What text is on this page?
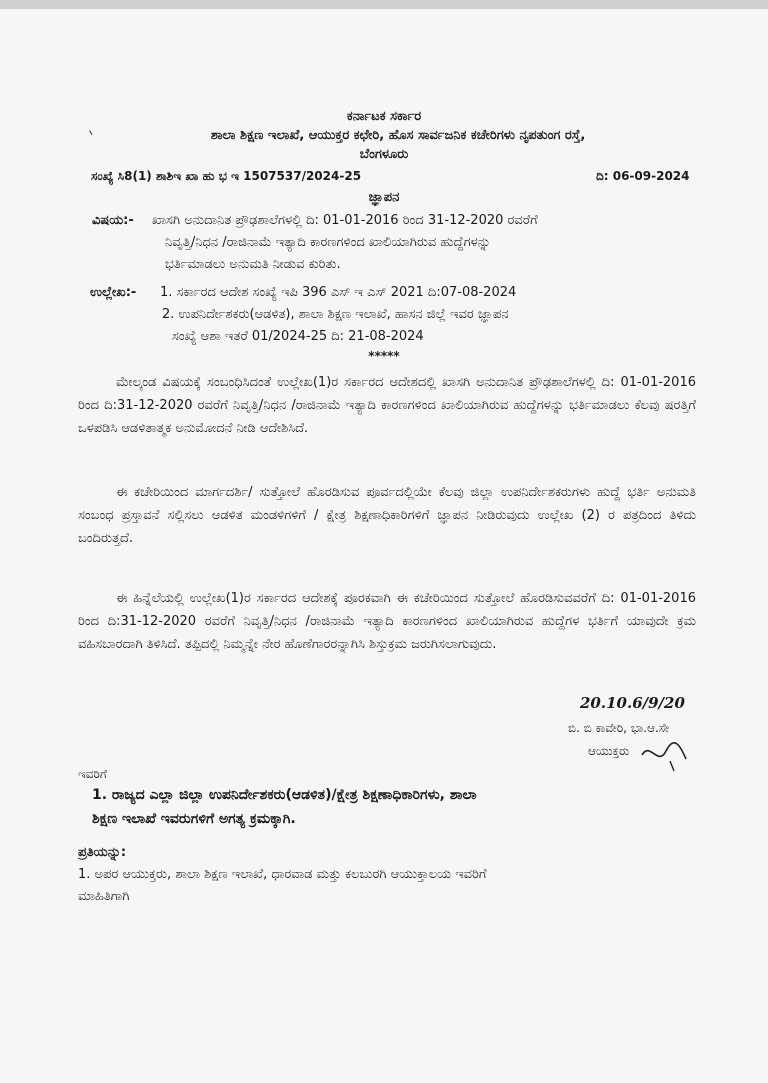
ಕರ್ನಾಟಕ ಸರ್ಕಾರ
ಶಾಲಾ ಶಿಕ್ಷಣ ಇಲಾಖೆ, ಆಯುಕ್ತರ ಕಛೇರಿ, ಹೊಸ ಸಾರ್ವಜನಿಕ ಕಚೇರಿಗಳು ನೃಪತುಂಗ ರಸ್ತೆ,
ಬೆಂಗಳೂರು
ಸಂಖ್ಯೆ ಸಿ8(1) ಶಾಶಿಇ ಖಾ ಹು ಭ ಇ 1507537/2024-25	ದಿ: 06-09-2024
ಜ್ಞಾಪನ
ವಿಷಯ:- ಖಾಸಗಿ ಅನುದಾನಿತ ಪ್ರೌಢಶಾಲೆಗಳಲ್ಲಿ ದಿ: 01-01-2016 ರಿಂದ 31-12-2020 ರವರೆಗೆ
ನಿವೃತ್ತಿ/ನಿಧನ /ರಾಜಿನಾಮೆ ಇತ್ಯಾದಿ ಕಾರಣಗಳಿಂದ ಖಾಲಿಯಾಗಿರುವ ಹುದ್ದೆಗಳನ್ನು
ಭರ್ತಿಮಾಡಲು ಅನುಮತಿ ನೀಡುವ ಕುರಿತು.
ಉಲ್ಲೇಖ:- 1. ಸರ್ಕಾರದ ಆದೇಶ ಸಂಖ್ಯೆ ಇಪಿ 396 ಎಸ್ ಇ ಎಸ್ 2021 ದಿ:07-08-2024
2. ಉಪನಿರ್ದೇಶಕರು(ಆಡಳಿತ), ಶಾಲಾ ಶಿಕ್ಷಣ ಇಲಾಖೆ, ಹಾಸನ ಜಿಲ್ಲೆ ಇವರ ಜ್ಞಾಪನ
ಸಂಖ್ಯೆ ಆಶಾ ಇತರೆ 01/2024-25 ದಿ: 21-08-2024
*****
ಮೇಲ್ಕಂಡ ವಿಷಯಕ್ಕೆ ಸಂಬಂಧಿಸಿದಂತೆ ಉಲ್ಲೇಖ(1)ರ ಸರ್ಕಾರದ ಆದೇಶದಲ್ಲಿ ಖಾಸಗಿ ಅನುದಾನಿತ ಪ್ರೌಢಶಾಲೆಗಳಲ್ಲಿ ದಿ: 01-01-2016 ರಿಂದ ದಿ:31-12-2020 ರವರೆಗೆ ನಿವೃತ್ತಿ/ನಿಧನ /ರಾಜಿನಾಮೆ ಇತ್ಯಾದಿ ಕಾರಣಗಳಿಂದ ಖಾಲಿಯಾಗಿರುವ ಹುದ್ದೆಗಳನ್ನು ಭರ್ತಿಮಾಡಲು ಕೆಲವು ಷರತ್ತಿಗೆ ಒಳಪಡಿಸಿ ಆಡಳಿತಾತ್ಮಕ ಅನುಮೋದನೆ ನೀಡಿ ಆದೇಶಿಸಿದೆ.
ಈ ಕಚೇರಿಯಿಂದ ಮಾರ್ಗದರ್ಶಿ/ ಸುತ್ತೋಲೆ ಹೊರಡಿಸುವ ಪೂರ್ವದಲ್ಲಿಯೇ ಕೆಲವು ಜಿಲ್ಲಾ ಉಪನಿರ್ದೇಶಕರುಗಳು ಹುದ್ದೆ ಭರ್ತಿ ಅನುಮತಿ ಸಂಬಂಧ ಪ್ರಸ್ತಾವನೆ ಸಲ್ಲಿಸಲು ಆಡಳಿತ ಮಂಡಳಿಗಳಿಗೆ / ಕ್ಷೇತ್ರ ಶಿಕ್ಷಣಾಧಿಕಾರಿಗಳಿಗೆ ಜ್ಞಾಪನ ನೀಡಿರುವುದು ಉಲ್ಲೇಖ (2) ರ ಪತ್ರದಿಂದ ತಿಳಿದು ಬಂದಿರುತ್ತದೆ.
ಈ ಹಿನ್ನೆಲೆಯಲ್ಲಿ ಉಲ್ಲೇಖ(1)ರ ಸರ್ಕಾರದ ಆದೇಶಕ್ಕೆ ಪೂರಕವಾಗಿ ಈ ಕಚೇರಿಯಿಂದ ಸುತ್ತೋಲೆ ಹೊರಡಿಸುವವರೆಗೆ ದಿ: 01-01-2016 ರಿಂದ ದಿ:31-12-2020 ರವರೆಗೆ ನಿವೃತ್ತಿ/ನಿಧನ /ರಾಜಿನಾಮೆ ಇತ್ಯಾದಿ ಕಾರಣಗಳಿಂದ ಖಾಲಿಯಾಗಿರುವ ಹುದ್ದೆಗಳ ಭರ್ತಿಗೆ ಯಾವುದೇ ಕ್ರಮ ವಹಿಸಬಾರದಾಗಿ ತಿಳಿಸಿದೆ. ತಪ್ಪಿದಲ್ಲಿ ನಿಮ್ಮನ್ನೇ ನೇರ ಹೊಣೆಗಾರರನ್ನಾಗಿಸಿ ಶಿಸ್ತುಕ್ರಮ ಜರುಗಿಸಲಾಗುವುದು.
20.10.6/9/20
ಬಿ. ಬಿ ಕಾವೇರಿ, ಭಾ.ಆ.ಸೇ
ಆಯುಕ್ತರು
ಇವರಿಗೆ
1. ರಾಜ್ಯದ ಎಲ್ಲಾ ಜಿಲ್ಲಾ ಉಪನಿರ್ದೇಶಕರು(ಆಡಳಿತ)/ಕ್ಷೇತ್ರ ಶಿಕ್ಷಣಾಧಿಕಾರಿಗಳು, ಶಾಲಾ
ಶಿಕ್ಷಣ ಇಲಾಖೆ ಇವರುಗಳಿಗೆ ಅಗತ್ಯ ಕ್ರಮಕ್ಕಾಗಿ.
ಪ್ರತಿಯನ್ನು:
1. ಅಪರ ಆಯುಕ್ತರು, ಶಾಲಾ ಶಿಕ್ಷಣ ಇಲಾಖೆ, ಧಾರವಾಡ ಮತ್ತು ಕಲಬುರಗಿ ಆಯುಕ್ತಾಲಯ ಇವರಿಗೆ
ಮಾಹಿತಿಗಾಗಿ
